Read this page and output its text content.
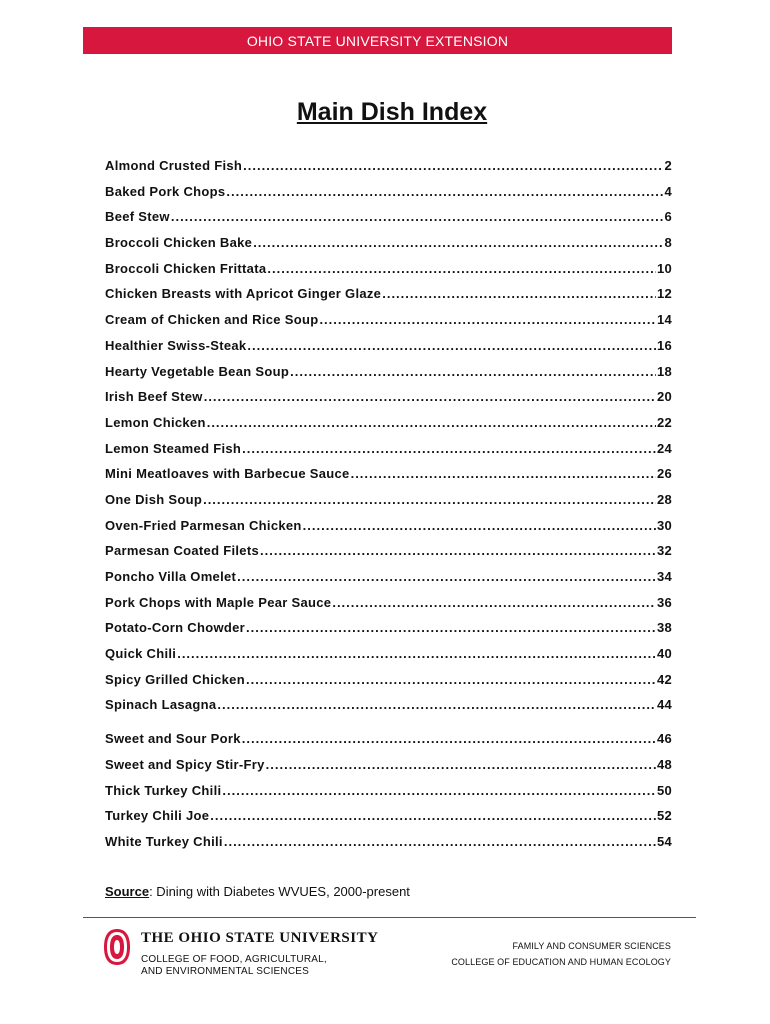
OHIO STATE UNIVERSITY EXTENSION
Main Dish Index
Almond Crusted Fish .....	2
Baked Pork Chops .....	4
Beef Stew .....	6
Broccoli Chicken Bake .....	8
Broccoli Chicken Frittata .....	10
Chicken Breasts with Apricot Ginger Glaze .....	12
Cream of Chicken and Rice Soup .....	14
Healthier Swiss-Steak .....	16
Hearty Vegetable Bean Soup .....	18
Irish Beef Stew .....	20
Lemon Chicken .....	22
Lemon Steamed Fish .....	24
Mini Meatloaves with Barbecue Sauce .....	26
One Dish Soup .....	28
Oven-Fried Parmesan Chicken .....	30
Parmesan Coated Filets .....	32
Poncho Villa Omelet .....	34
Pork Chops with Maple Pear Sauce .....	36
Potato-Corn Chowder .....	38
Quick Chili .....	40
Spicy Grilled Chicken .....	42
Spinach Lasagna .....	44
Sweet and Sour Pork .....	46
Sweet and Spicy Stir-Fry .....	48
Thick Turkey Chili .....	50
Turkey Chili Joe .....	52
White Turkey Chili .....	54
Source: Dining with Diabetes WVUES, 2000-present
THE OHIO STATE UNIVERSITY
COLLEGE OF FOOD, AGRICULTURAL,
AND ENVIRONMENTAL SCIENCES
FAMILY AND CONSUMER SCIENCES
COLLEGE OF EDUCATION AND HUMAN ECOLOGY
